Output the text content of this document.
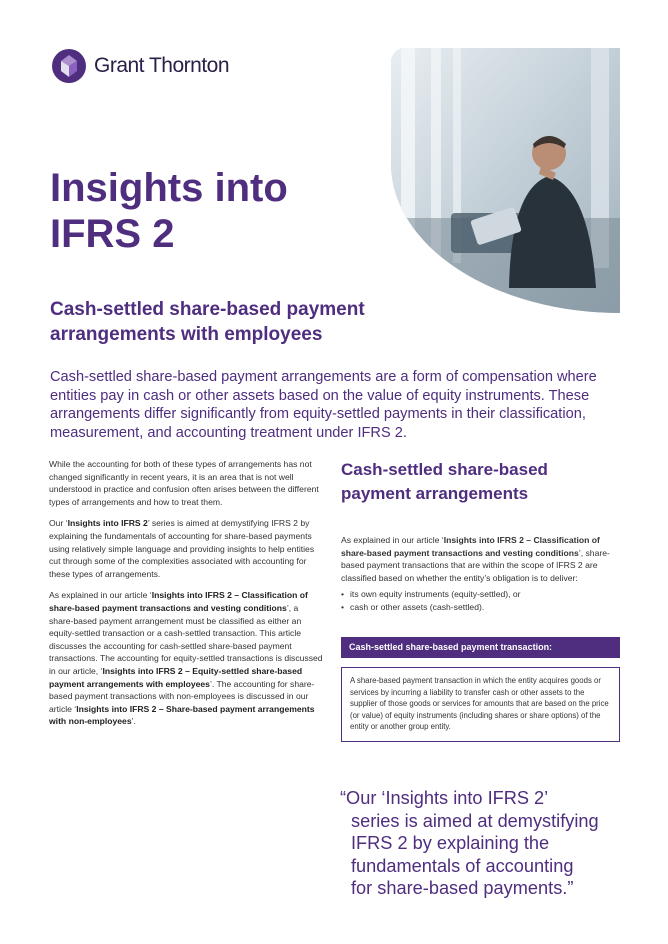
Grant Thornton
Insights into
IFRS 2
Cash-settled share-based payment
arrangements with employees

Cash-settled share-based payment arrangements are a form of compensation where entities pay in cash or other assets based on the value of equity instruments. These arrangements differ significantly from equity-settled payments in their classification, measurement, and accounting treatment under IFRS 2.

While the accounting for both of these types of arrangements has not changed significantly in recent years, it is an area that is not well understood in practice and confusion often arises between the different types of arrangements and how to treat them.

Our ‘Insights into IFRS 2’ series is aimed at demystifying IFRS 2 by explaining the fundamentals of accounting for share-based payments using relatively simple language and providing insights to help entities cut through some of the complexities associated with accounting for these types of arrangements.

As explained in our article ‘Insights into IFRS 2 – Classification of share-based payment transactions and vesting conditions’, a share-based payment arrangement must be classified as either an equity-settled transaction or a cash-settled transaction. This article discusses the accounting for cash-settled share-based payment transactions. The accounting for equity-settled transactions is discussed in our article, ‘Insights into IFRS 2 – Equity-settled share-based payment arrangements with employees’. The accounting for share-based payment transactions with non-employees is discussed in our article ‘Insights into IFRS 2 – Share-based payment arrangements with non-employees’.

Cash-settled share-based
payment arrangements

As explained in our article ‘Insights into IFRS 2 – Classification of share-based payment transactions and vesting conditions’, share-based payment transactions that are within the scope of IFRS 2 are classified based on whether the entity’s obligation is to deliver:

• its own equity instruments (equity-settled), or
• cash or other assets (cash-settled).
Cash-settled share-based payment transaction:
A share-based payment transaction in which the entity acquires goods or services by incurring a liability to transfer cash or other assets to the supplier of those goods or services for amounts that are based on the price (or value) of equity instruments (including shares or share options) of the entity or another group entity.
“Our ‘Insights into IFRS 2’
series is aimed at demystifying
IFRS 2 by explaining the
fundamentals of accounting
for share-based payments.”
